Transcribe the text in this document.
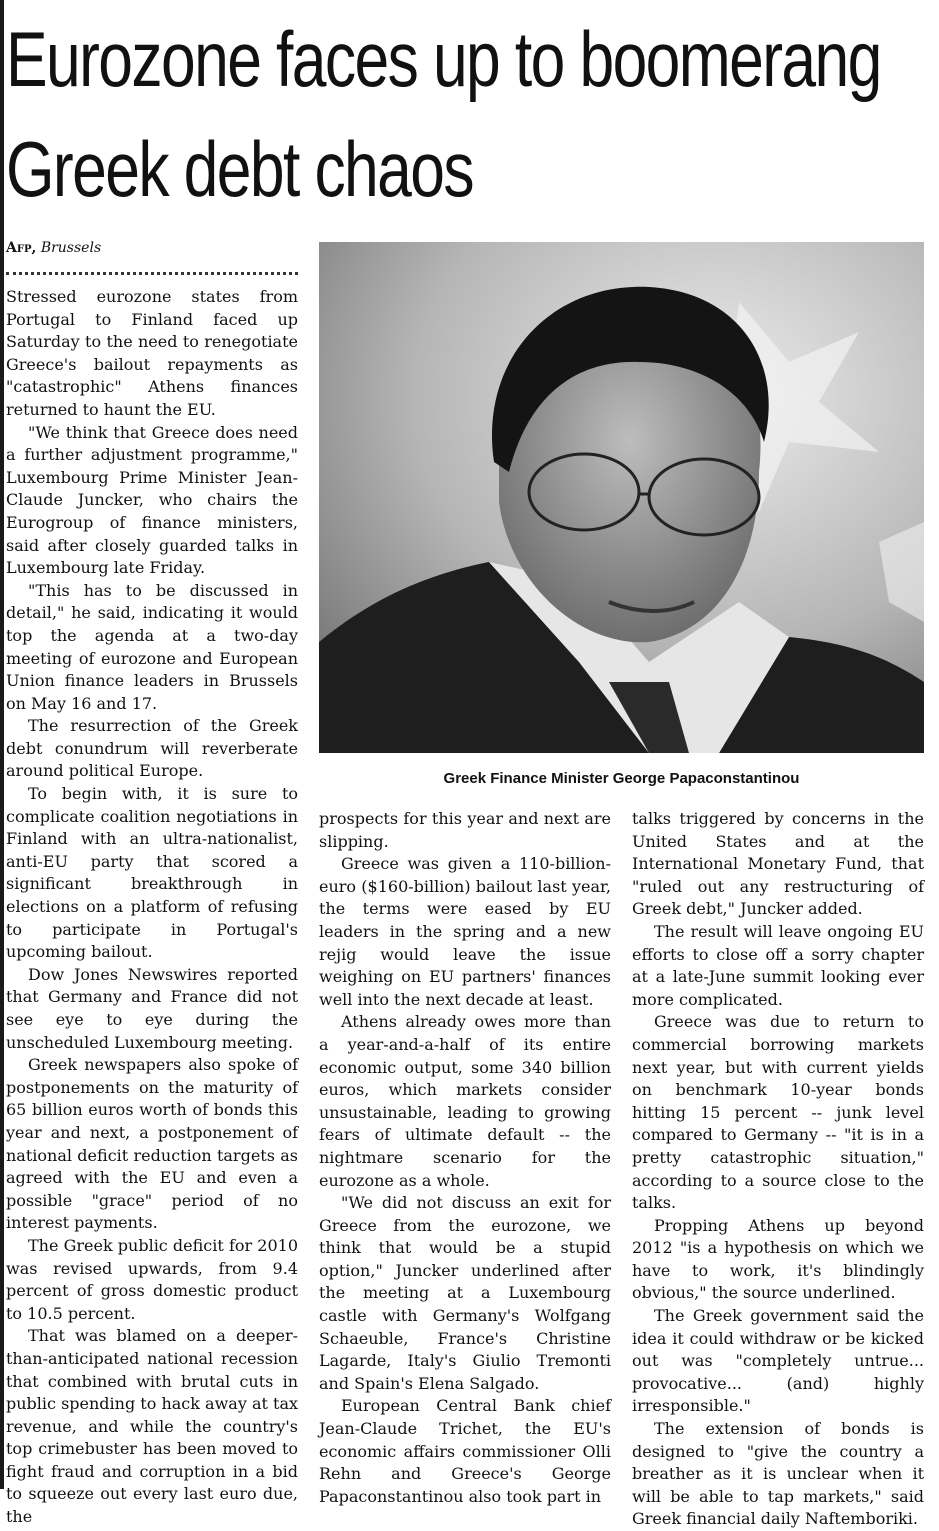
Eurozone faces up to boomerang
Greek debt chaos
Afp, Brussels
Greek Finance Minister George Papaconstantinou

Stressed eurozone states from Portugal to Finland faced up Saturday to the need to renegotiate Greece's bailout repayments as "catastrophic" Athens finances returned to haunt the EU.

"We think that Greece does need a further adjustment programme," Luxembourg Prime Minister Jean-Claude Juncker, who chairs the Eurogroup of finance ministers, said after closely guarded talks in Luxembourg late Friday.

"This has to be discussed in detail," he said, indicating it would top the agenda at a two-day meeting of eurozone and European Union finance leaders in Brussels on May 16 and 17.

The resurrection of the Greek debt conundrum will reverberate around political Europe.

To begin with, it is sure to complicate coalition negotiations in Finland with an ultra-nationalist, anti-EU party that scored a significant breakthrough in elections on a platform of refusing to participate in Portugal's upcoming bailout.

Dow Jones Newswires reported that Germany and France did not see eye to eye during the unscheduled Luxembourg meeting.

Greek newspapers also spoke of postponements on the maturity of 65 billion euros worth of bonds this year and next, a postponement of national deficit reduction targets as agreed with the EU and even a possible "grace" period of no interest payments.

The Greek public deficit for 2010 was revised upwards, from 9.4 percent of gross domestic product to 10.5 percent.

That was blamed on a deeper-than-anticipated national recession that combined with brutal cuts in public spending to hack away at tax revenue, and while the country's top crimebuster has been moved to fight fraud and corruption in a bid to squeeze out every last euro due, the

prospects for this year and next are slipping.

Greece was given a 110-billion-euro ($160-billion) bailout last year, the terms were eased by EU leaders in the spring and a new rejig would leave the issue weighing on EU partners' finances well into the next decade at least.

Athens already owes more than a year-and-a-half of its entire economic output, some 340 billion euros, which markets consider unsustainable, leading to growing fears of ultimate default -- the nightmare scenario for the eurozone as a whole.

"We did not discuss an exit for Greece from the eurozone, we think that would be a stupid option," Juncker underlined after the meeting at a Luxembourg castle with Germany's Wolfgang Schaeuble, France's Christine Lagarde, Italy's Giulio Tremonti and Spain's Elena Salgado.

European Central Bank chief Jean-Claude Trichet, the EU's economic affairs commissioner Olli Rehn and Greece's George Papaconstantinou also took part in

talks triggered by concerns in the United States and at the International Monetary Fund, that "ruled out any restructuring of Greek debt," Juncker added.

The result will leave ongoing EU efforts to close off a sorry chapter at a late-June summit looking ever more complicated.

Greece was due to return to commercial borrowing markets next year, but with current yields on benchmark 10-year bonds hitting 15 percent -- junk level compared to Germany -- "it is in a pretty catastrophic situation," according to a source close to the talks.

Propping Athens up beyond 2012 "is a hypothesis on which we have to work, it's blindingly obvious," the source underlined.

The Greek government said the idea it could withdraw or be kicked out was "completely untrue... provocative... (and) highly irresponsible."

The extension of bonds is designed to "give the country a breather as it is unclear when it will be able to tap markets," said Greek financial daily Naftemboriki.
